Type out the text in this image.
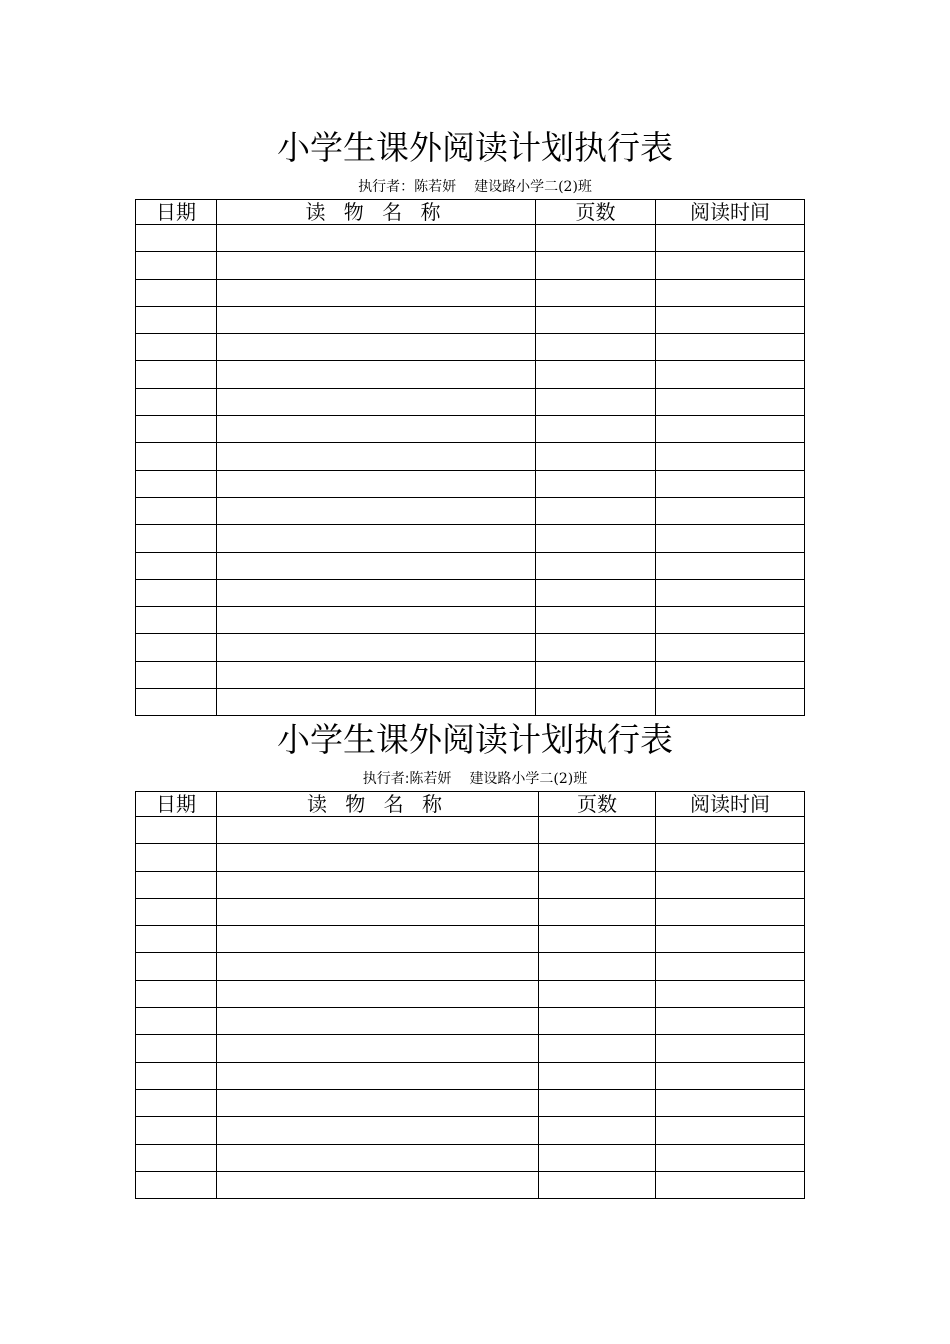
小学生课外阅读计划执行表
执行者：陈若妍 建设路小学二(2)班
日期	读 物 名 称	页数	阅读时间

小学生课外阅读计划执行表
执行者:陈若妍 建设路小学二(2)班
日期	读 物 名 称	页数	阅读时间
